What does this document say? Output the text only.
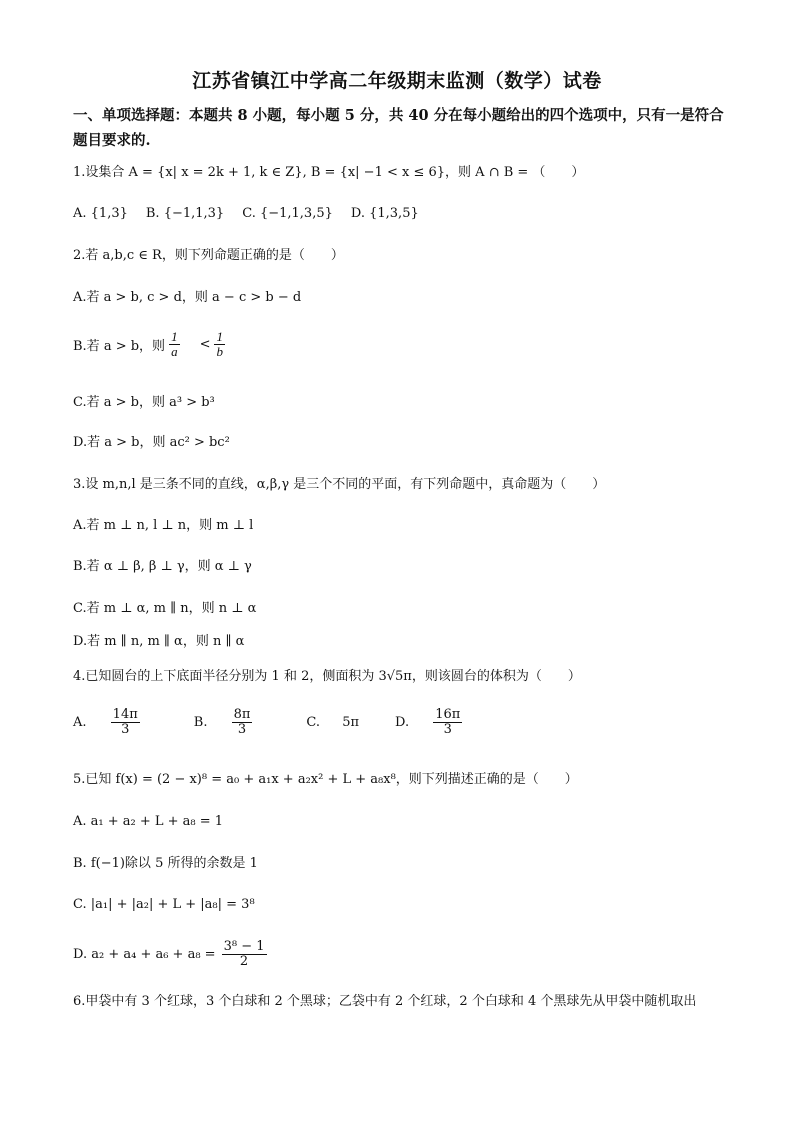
江苏省镇江中学高二年级期末监测（数学）试卷
一、单项选择题：本题共 8 小题，每小题 5 分，共 40 分在每小题给出的四个选项中，只有一是符合题目要求的.
1.设集合 A = {x| x = 2k + 1, k ∈ Z}, B = {x| −1 < x ≤ 6}，则 A ∩ B = （　　）
A. {1,3} B. {−1,1,3} C. {−1,1,3,5} D. {1,3,5}
2.若 a,b,c ∈ R，则下列命题正确的是（　　）
A.若 a > b, c > d，则 a − c > b − d
B.若 a > b，则 $\frac{1}{a} < \frac{1}{b}$
C.若 a > b，则 a³ > b³
D.若 a > b，则 ac² > bc²
3.设 m,n,l 是三条不同的直线，α,β,γ 是三个不同的平面，有下列命题中，真命题为（　　）
A.若 m ⊥ n, l ⊥ n，则 m ⊥ l
B.若 α ⊥ β, β ⊥ γ，则 α ⊥ γ
C.若 m ⊥ α, m ∥ n，则 n ⊥ α
D.若 m ∥ n, m ∥ α，则 n ∥ α
4.已知圆台的上下底面半径分别为 1 和 2，侧面积为 3√5π，则该圆台的体积为（　　）
A. $\frac{14\pi}{3}$	B. $\frac{8\pi}{3}$	C. 5π	D. $\frac{16\pi}{3}$
5.已知 f(x) = (2 − x)⁸ = a₀ + a₁x + a₂x² + L + a₈x⁸，则下列描述正确的是（　　）
A. a₁ + a₂ + L + a₈ = 1
B. f(−1)除以 5 所得的余数是 1
C. |a₁| + |a₂| + L + |a₈| = 3⁸
D. $a_2 + a_4 + a_6 + a_8 = \frac{\text{3⁸ − 1}}{2}$
6.甲袋中有 3 个红球，3 个白球和 2 个黑球；乙袋中有 2 个红球，2 个白球和 4 个黑球先从甲袋中随机取出
